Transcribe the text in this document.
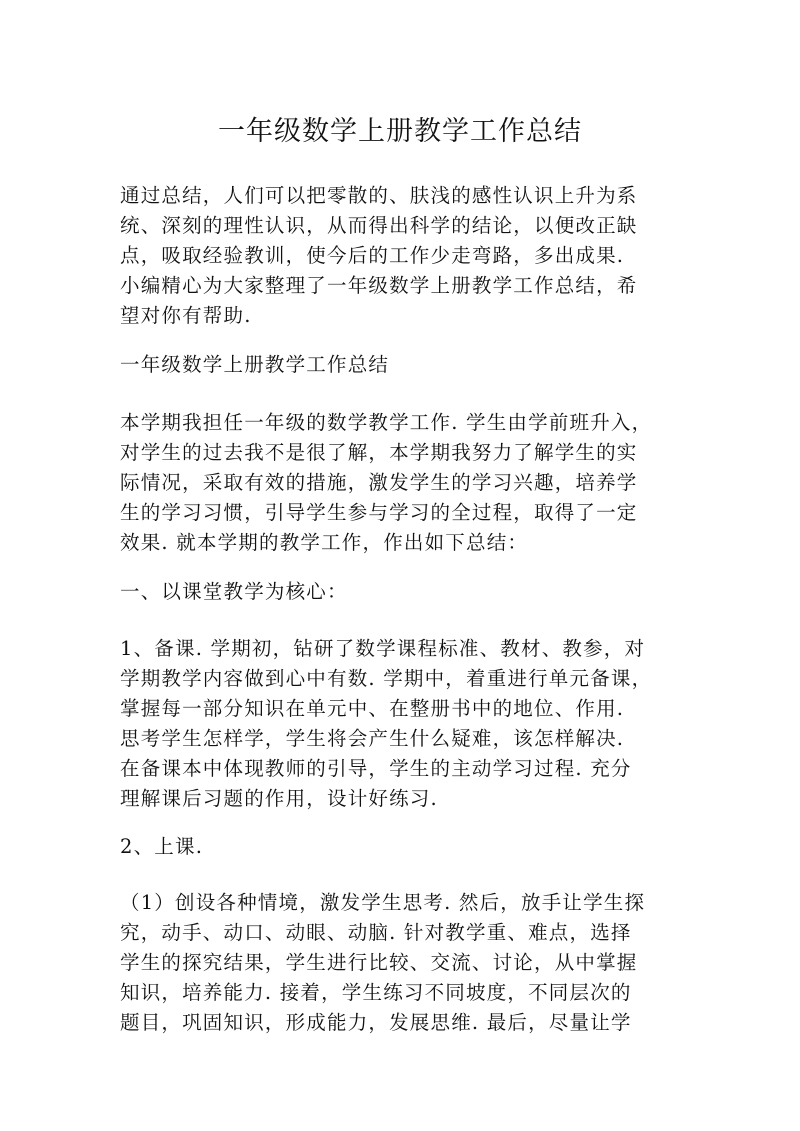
一年级数学上册教学工作总结
通过总结，人们可以把零散的、肤浅的感性认识上升为系
统、深刻的理性认识，从而得出科学的结论，以便改正缺
点，吸取经验教训，使今后的工作少走弯路，多出成果.
小编精心为大家整理了一年级数学上册教学工作总结，希
望对你有帮助.
一年级数学上册教学工作总结
本学期我担任一年级的数学教学工作. 学生由学前班升入，
对学生的过去我不是很了解，本学期我努力了解学生的实
际情况，采取有效的措施，激发学生的学习兴趣，培养学
生的学习习惯，引导学生参与学习的全过程，取得了一定
效果. 就本学期的教学工作，作出如下总结：
一、以课堂教学为核心：
1、备课. 学期初，钻研了数学课程标准、教材、教参，对
学期教学内容做到心中有数. 学期中，着重进行单元备课，
掌握每一部分知识在单元中、在整册书中的地位、作用.
思考学生怎样学，学生将会产生什么疑难，该怎样解决.
在备课本中体现教师的引导，学生的主动学习过程. 充分
理解课后习题的作用，设计好练习.
2、上课.
（1）创设各种情境，激发学生思考. 然后，放手让学生探
究，动手、动口、动眼、动脑. 针对教学重、难点，选择
学生的探究结果，学生进行比较、交流、讨论，从中掌握
知识，培养能力. 接着，学生练习不同坡度，不同层次的
题目，巩固知识，形成能力，发展思维. 最后，尽量让学
